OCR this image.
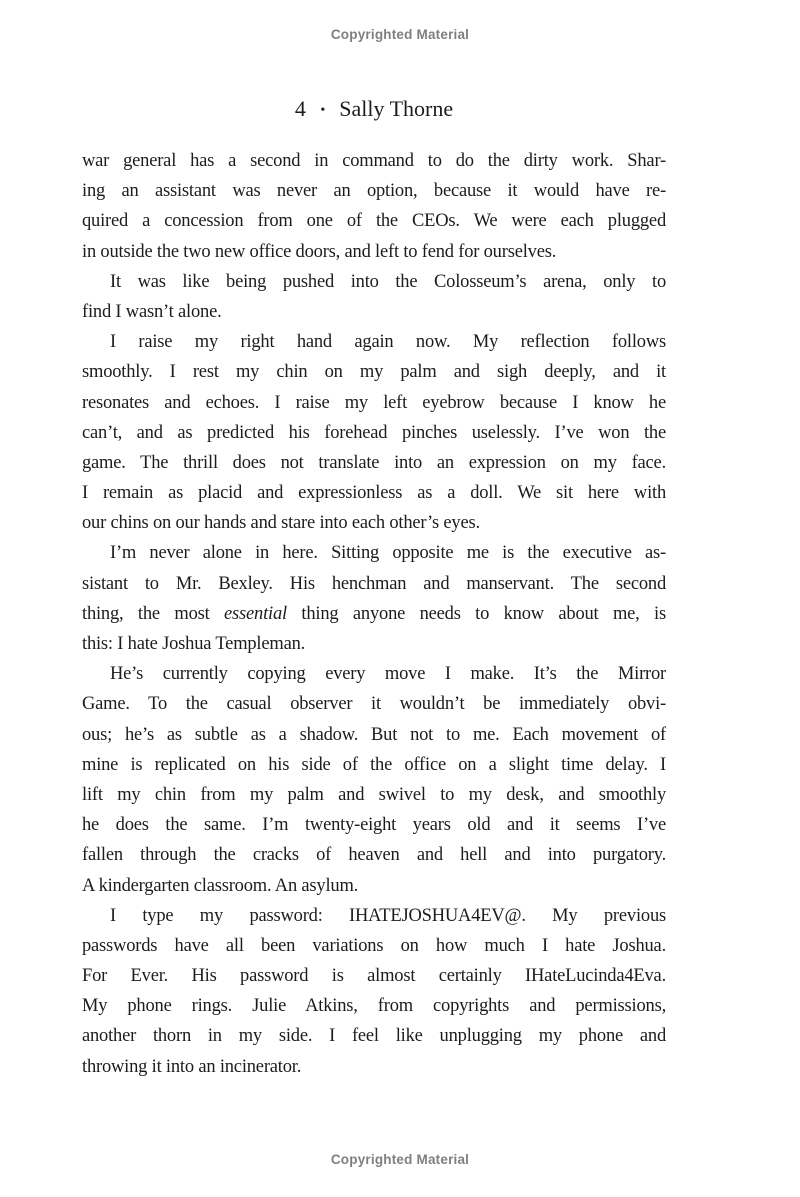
Copyrighted Material
4 • Sally Thorne
war general has a second in command to do the dirty work. Shar-
ing an assistant was never an option, because it would have re-
quired a concession from one of the CEOs. We were each plugged
in outside the two new office doors, and left to fend for ourselves.
It was like being pushed into the Colosseum’s arena, only to
find I wasn’t alone.
I raise my right hand again now. My reflection follows
smoothly. I rest my chin on my palm and sigh deeply, and it
resonates and echoes. I raise my left eyebrow because I know he
can’t, and as predicted his forehead pinches uselessly. I’ve won the
game. The thrill does not translate into an expression on my face.
I remain as placid and expressionless as a doll. We sit here with
our chins on our hands and stare into each other’s eyes.
I’m never alone in here. Sitting opposite me is the executive as-
sistant to Mr. Bexley. His henchman and manservant. The second
thing, the most essential thing anyone needs to know about me, is
this: I hate Joshua Templeman.
He’s currently copying every move I make. It’s the Mirror
Game. To the casual observer it wouldn’t be immediately obvi-
ous; he’s as subtle as a shadow. But not to me. Each movement of
mine is replicated on his side of the office on a slight time delay. I
lift my chin from my palm and swivel to my desk, and smoothly
he does the same. I’m twenty-eight years old and it seems I’ve
fallen through the cracks of heaven and hell and into purgatory.
A kindergarten classroom. An asylum.
I type my password: IHATEJOSHUA4EV@. My previous
passwords have all been variations on how much I hate Joshua.
For Ever. His password is almost certainly IHateLucinda4Eva.
My phone rings. Julie Atkins, from copyrights and permissions,
another thorn in my side. I feel like unplugging my phone and
throwing it into an incinerator.
Copyrighted Material
